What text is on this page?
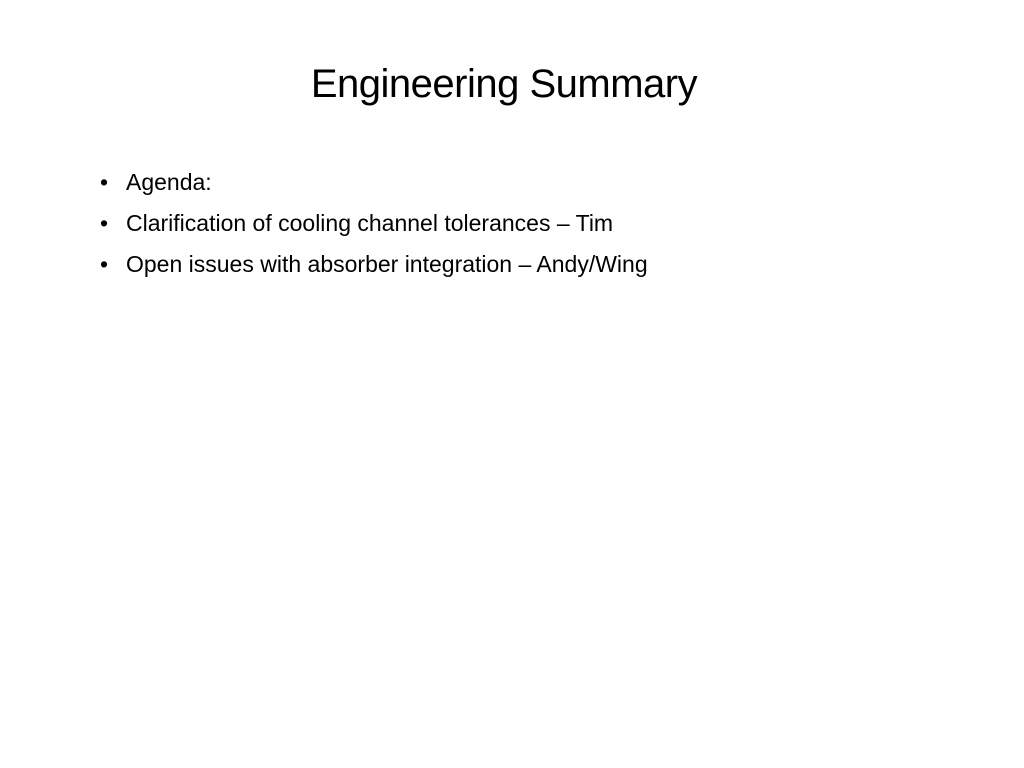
Engineering Summary
• Agenda:
• Clarification of cooling channel tolerances – Tim
• Open issues with absorber integration – Andy/Wing
